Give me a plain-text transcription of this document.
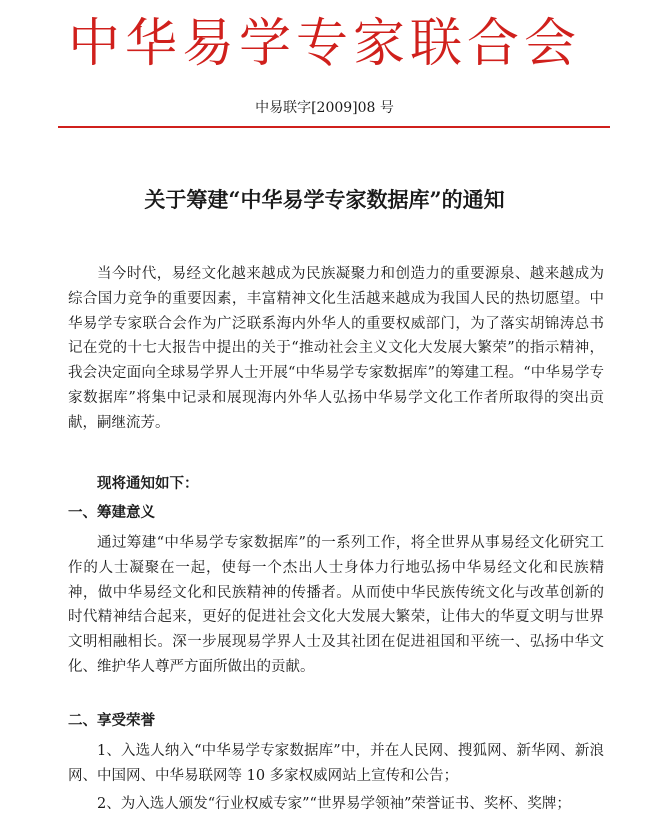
中华易学专家联合会
中易联字[2009]08 号
关于筹建“中华易学专家数据库”的通知
当今时代，易经文化越来越成为民族凝聚力和创造力的重要源泉、越来越成为综合国力竞争的重要因素，丰富精神文化生活越来越成为我国人民的热切愿望。中华易学专家联合会作为广泛联系海内外华人的重要权威部门，为了落实胡锦涛总书记在党的十七大报告中提出的关于“推动社会主义文化大发展大繁荣”的指示精神，我会决定面向全球易学界人士开展“中华易学专家数据库”的筹建工程。“中华易学专家数据库”将集中记录和展现海内外华人弘扬中华易学文化工作者所取得的突出贡献，嗣继流芳。
现将通知如下：
一、筹建意义
通过筹建“中华易学专家数据库”的一系列工作，将全世界从事易经文化研究工作的人士凝聚在一起，使每一个杰出人士身体力行地弘扬中华易经文化和民族精神，做中华易经文化和民族精神的传播者。从而使中华民族传统文化与改革创新的时代精神结合起来，更好的促进社会文化大发展大繁荣，让伟大的华夏文明与世界文明相融相长。深一步展现易学界人士及其社团在促进祖国和平统一、弘扬中华文化、维护华人尊严方面所做出的贡献。
二、享受荣誉
1、入选人纳入“中华易学专家数据库”中，并在人民网、搜狐网、新华网、新浪网、中国网、中华易联网等 10 多家权威网站上宣传和公告；
2、为入选人颁发“行业权威专家”“世界易学领袖”荣誉证书、奖杯、奖牌；
